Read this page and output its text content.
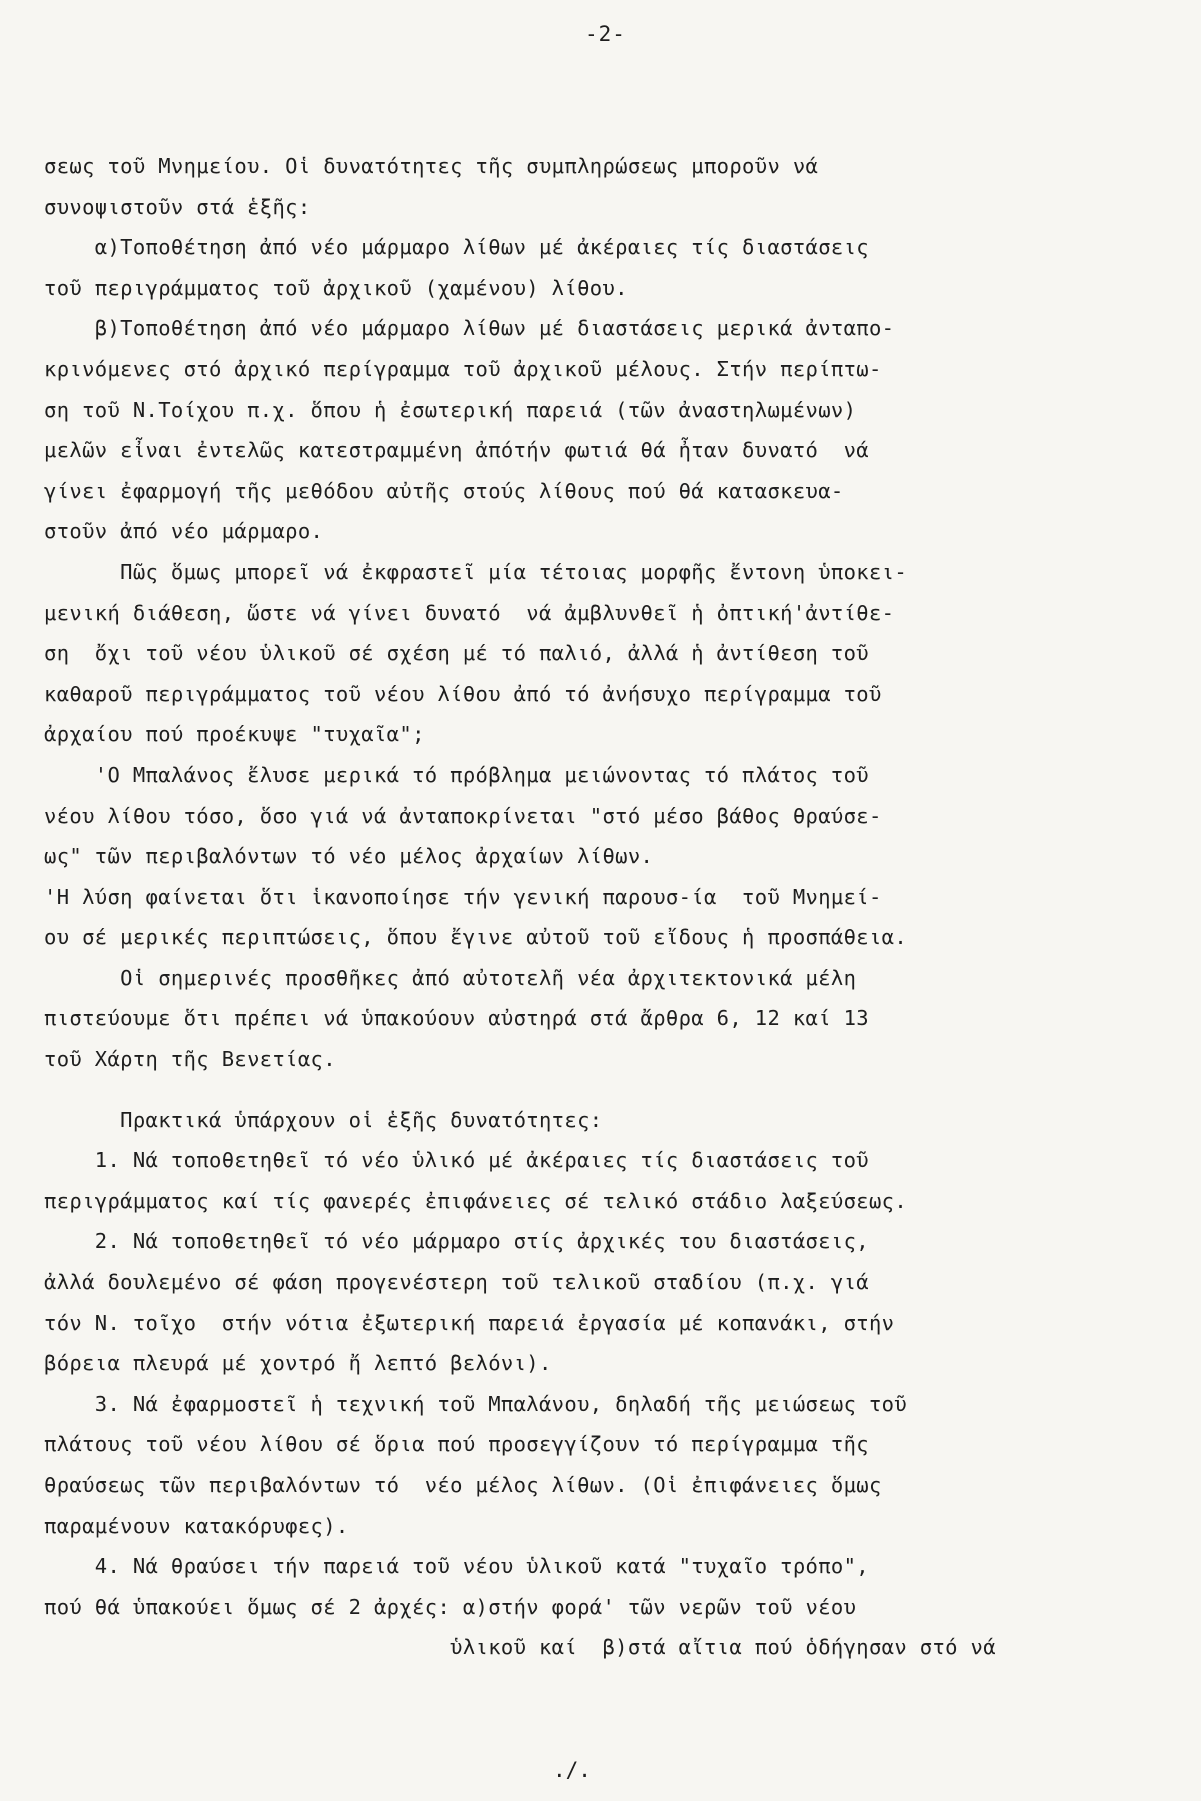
-2-
σεως τοῦ Μνημείου. Οἱ δυνατότητες τῆς συμπληρώσεως μποροῦν νά
συνοψιστοῦν στά ἑξῆς:
α)Τοποθέτηση ἀπό νέο μάρμαρο λίθων μέ ἀκέραιες τίς διαστάσεις
τοῦ περιγράμματος τοῦ ἀρχικοῦ (χαμένου) λίθου.
β)Τοποθέτηση ἀπό νέο μάρμαρο λίθων μέ διαστάσεις μερικά ἀνταπο-
κρινόμενες στό ἀρχικό περίγραμμα τοῦ ἀρχικοῦ μέλους. Στήν περίπτω-
ση τοῦ Ν.Τοίχου π.χ. ὅπου ἡ ἐσωτερική παρειά (τῶν ἀναστηλωμένων)
μελῶν εἶναι ἐντελῶς κατεστραμμένη ἀπότήν φωτιά θά ἦταν δυνατό  νά
γίνει ἐφαρμογή τῆς μεθόδου αὐτῆς στούς λίθους πού θά κατασκευα-
στοῦν ἀπό νέο μάρμαρο.
Πῶς ὅμως μπορεῖ νά ἐκφραστεῖ μία τέτοιας μορφῆς ἔντονη ὑποκει-
μενική διάθεση, ὥστε νά γίνει δυνατό  νά ἀμβλυνθεῖ ἡ ὀπτική'ἀντίθε-
ση  ὄχι τοῦ νέου ὑλικοῦ σέ σχέση μέ τό παλιό, ἀλλά ἡ ἀντίθεση τοῦ
καθαροῦ περιγράμματος τοῦ νέου λίθου ἀπό τό ἀνήσυχο περίγραμμα τοῦ
ἀρχαίου πού προέκυψε "τυχαῖα";
'Ο Μπαλάνος ἔλυσε μερικά τό πρόβλημα μειώνοντας τό πλάτος τοῦ
νέου λίθου τόσο, ὅσο γιά νά ἀνταποκρίνεται "στό μέσο βάθος θραύσε-
ως" τῶν περιβαλόντων τό νέο μέλος ἀρχαίων λίθων.
'Η λύση φαίνεται ὅτι ἱκανοποίησε τήν γενική παρουσ-ία  τοῦ Μνημεί-
ου σέ μερικές περιπτώσεις, ὅπου ἔγινε αὐτοῦ τοῦ εἴδους ἡ προσπάθεια.
Οἱ σημερινές προσθῆκες ἀπό αὐτοτελῆ νέα ἀρχιτεκτονικά μέλη
πιστεύουμε ὅτι πρέπει νά ὑπακούουν αὐστηρά στά ἄρθρα 6, 12 καί 13
τοῦ Χάρτη τῆς Βενετίας.
Πρακτικά ὑπάρχουν οἱ ἑξῆς δυνατότητες:
1. Νά τοποθετηθεῖ τό νέο ὑλικό μέ ἀκέραιες τίς διαστάσεις τοῦ
περιγράμματος καί τίς φανερές ἐπιφάνειες σέ τελικό στάδιο λαξεύσεως.
2. Νά τοποθετηθεῖ τό νέο μάρμαρο στίς ἀρχικές του διαστάσεις,
ἀλλά δουλεμένο σέ φάση προγενέστερη τοῦ τελικοῦ σταδίου (π.χ. γιά
τόν Ν. τοῖχο  στήν νότια ἐξωτερική παρειά ἐργασία μέ κοπανάκι, στήν
βόρεια πλευρά μέ χοντρό ἤ λεπτό βελόνι).
3. Νά ἐφαρμοστεῖ ἡ τεχνική τοῦ Μπαλάνου, δηλαδή τῆς μειώσεως τοῦ
πλάτους τοῦ νέου λίθου σέ ὅρια πού προσεγγίζουν τό περίγραμμα τῆς
θραύσεως τῶν περιβαλόντων τό  νέο μέλος λίθων. (Οἱ ἐπιφάνειες ὅμως
παραμένουν κατακόρυφες).
4. Νά θραύσει τήν παρειά τοῦ νέου ὑλικοῦ κατά "τυχαῖο τρόπο",
πού θά ὑπακούει ὅμως σέ 2 ἀρχές: α)στήν φορά' τῶν νερῶν τοῦ νέου
ὑλικοῦ καί  β)στά αἴτια πού ὁδήγησαν στό νά
./.
